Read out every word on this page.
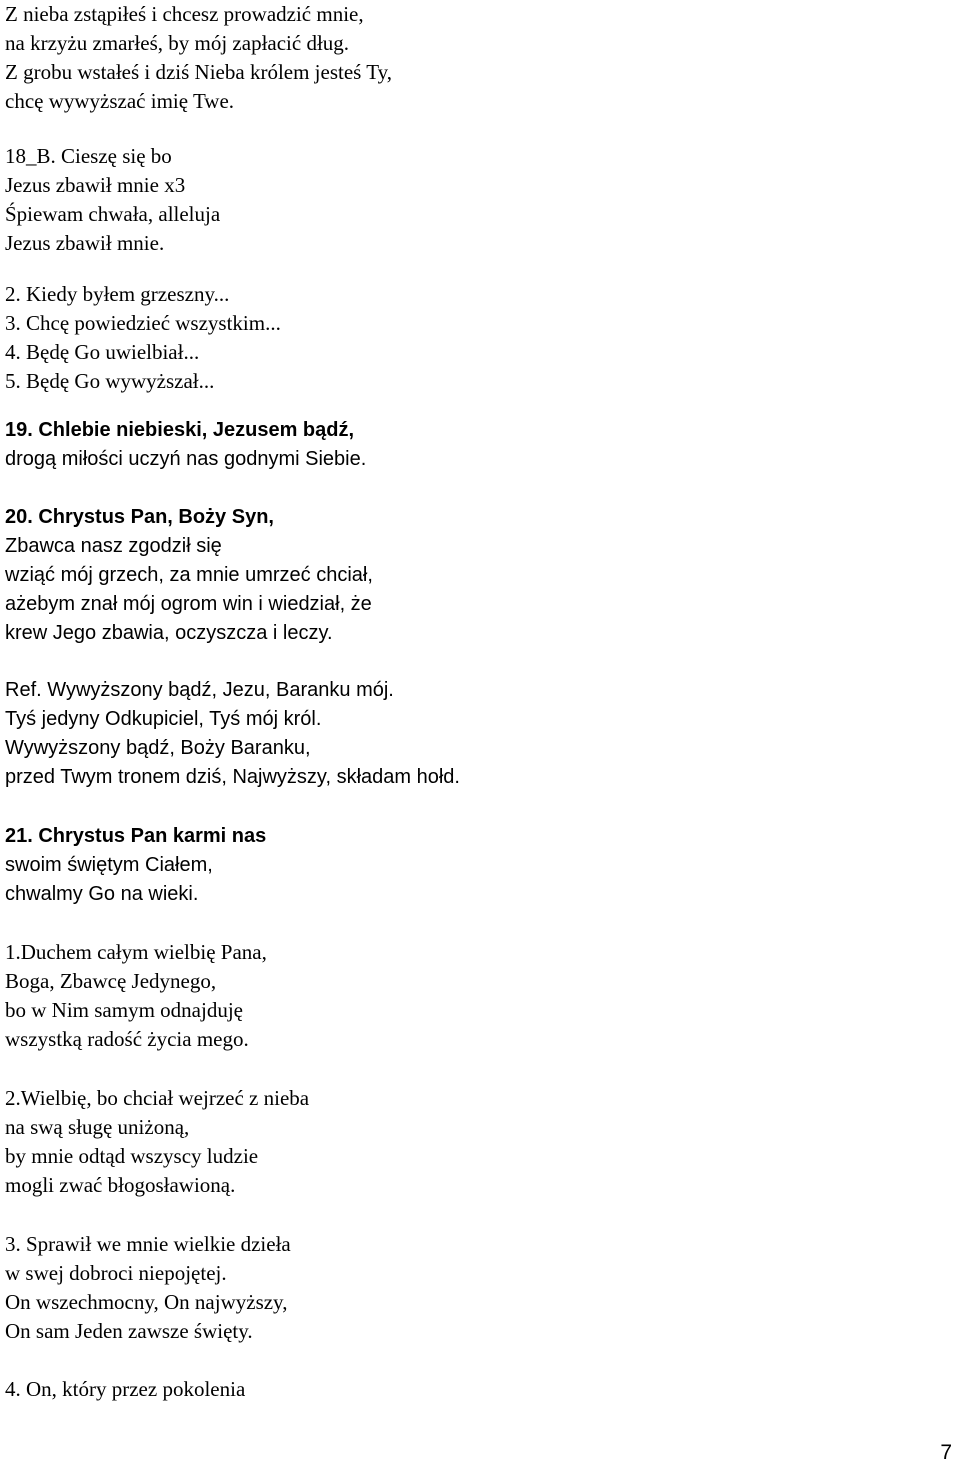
Z nieba zstąpiłeś i chcesz prowadzić mnie,
na krzyżu zmarłeś, by mój zapłacić dług.
Z grobu wstałeś i dziś Nieba królem jesteś Ty,
chcę wywyższać imię Twe.
18_B. Cieszę się bo
Jezus zbawił mnie x3
Śpiewam chwała, alleluja
Jezus zbawił mnie.
2. Kiedy byłem grzeszny...
3. Chcę powiedzieć wszystkim...
4. Będę Go uwielbiał...
5. Będę Go wywyższał...
19. Chlebie niebieski, Jezusem bądź,
drogą miłości uczyń nas godnymi Siebie.
20. Chrystus Pan, Boży Syn,
Zbawca nasz zgodził się
wziąć mój grzech, za mnie umrzeć chciał,
ażebym znał mój ogrom win i wiedział, że
krew Jego zbawia, oczyszcza i leczy.
Ref. Wywyższony bądź, Jezu, Baranku mój.
Tyś jedyny Odkupiciel, Tyś mój król.
Wywyższony bądź, Boży Baranku,
przed Twym tronem dziś, Najwyższy, składam hołd.
21. Chrystus Pan karmi nas
swoim świętym Ciałem,
chwalmy Go na wieki.
1.Duchem całym wielbię Pana,
Boga, Zbawcę Jedynego,
bo w Nim samym odnajduję
wszystką radość życia mego.
2.Wielbię, bo chciał wejrzeć z nieba
na swą sługę uniżoną,
by mnie odtąd wszyscy ludzie
mogli zwać błogosławioną.
3. Sprawił we mnie wielkie dzieła
w swej dobroci niepojętej.
On wszechmocny, On najwyższy,
On sam Jeden zawsze święty.
4. On, który przez pokolenia
7
